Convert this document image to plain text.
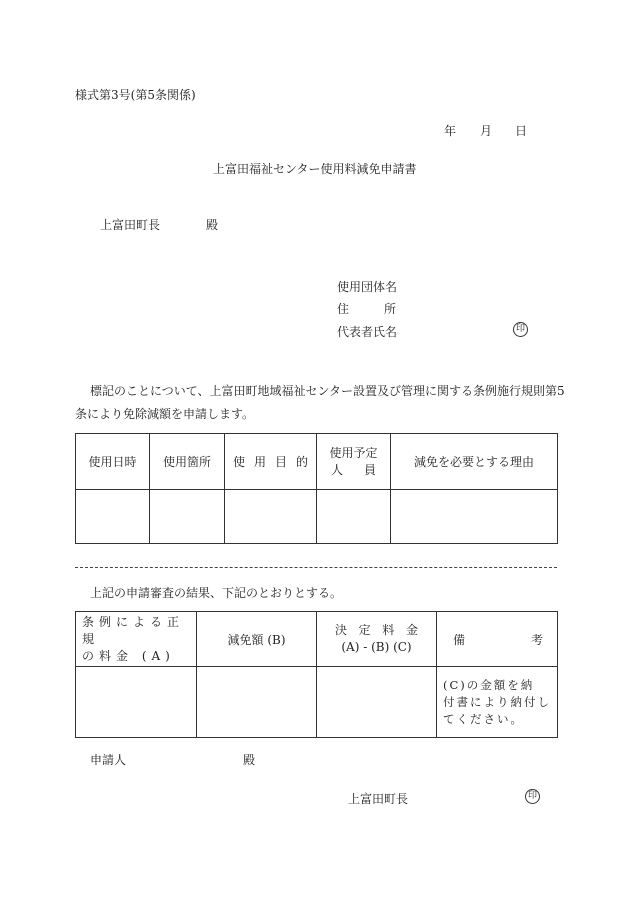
様式第3号(第5条関係)
年 月 日
上富田福祉センター使用料減免申請書
上富田町長	殿
使用団体名
住	所
代表者氏名	印
標記のことについて、上富田町地域福祉センター設置及び管理に関する条例施行規則第5
条により免除減額を申請します。
使用日時	使用箇所	使 用 目 的	使用予定
人 員	減免を必要とする理由

上記の申請審査の結果、下記のとおりとする。
条例による正規
の料金 (A)	減免額 (B)	決 定 料 金
(A) - (B) (C)	備 考

			(C)の金額を納
付書により納付し
てください。
申請人	殿
上富田町長	印
